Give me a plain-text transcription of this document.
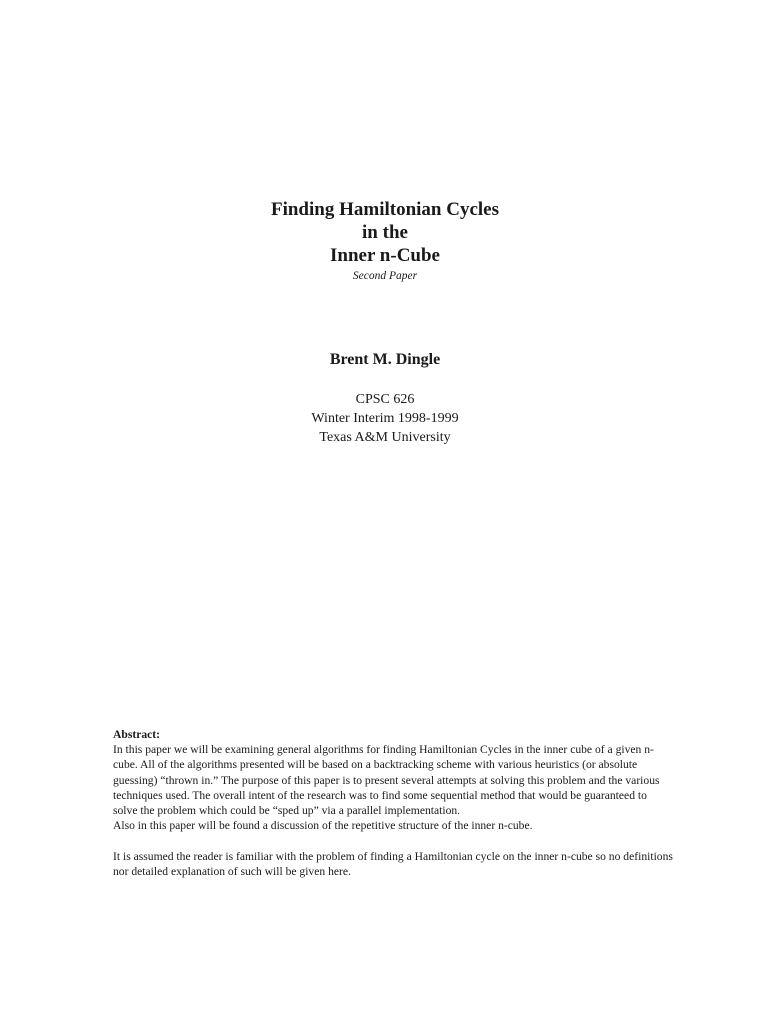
Finding Hamiltonian Cycles
in the
Inner n-Cube
Second Paper
Brent M. Dingle
CPSC 626
Winter Interim 1998-1999
Texas A&M University
Abstract:

In this paper we will be examining general algorithms for finding Hamiltonian Cycles in the inner cube of a given n-cube. All of the algorithms presented will be based on a backtracking scheme with various heuristics (or absolute guessing) “thrown in.” The purpose of this paper is to present several attempts at solving this problem and the various techniques used. The overall intent of the research was to find some sequential method that would be guaranteed to solve the problem which could be “sped up” via a parallel implementation.

Also in this paper will be found a discussion of the repetitive structure of the inner n-cube.

It is assumed the reader is familiar with the problem of finding a Hamiltonian cycle on the inner n-cube so no definitions nor detailed explanation of such will be given here.
